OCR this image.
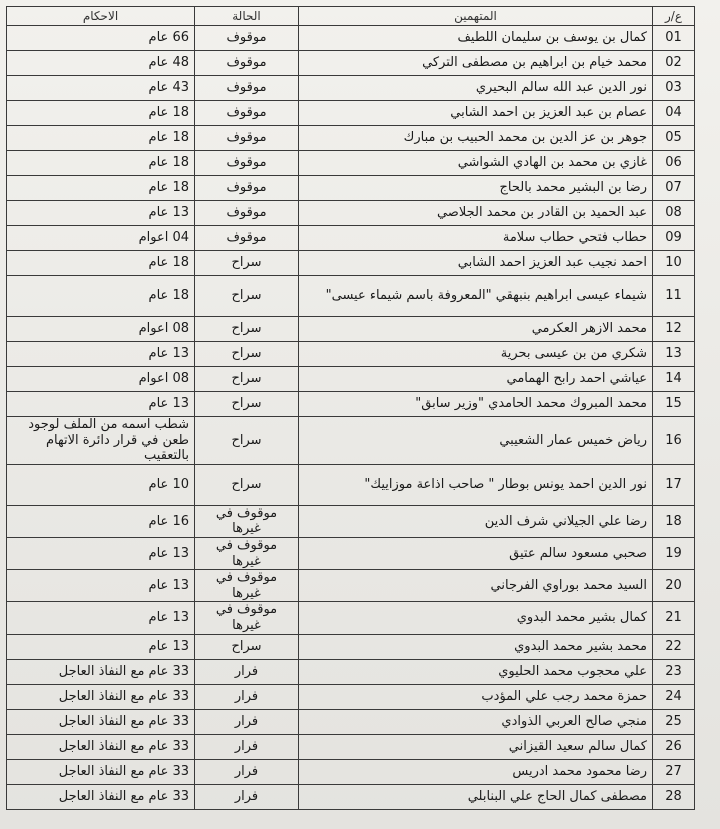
ع/ر	المتهمين	الحالة	الاحكام
01	كمال بن يوسف بن سليمان اللطيف	موقوف	66 عام
02	محمد خيام بن ابراهيم بن مصطفى التركي	موقوف	48 عام
03	نور الدين عبد الله سالم البحيري	موقوف	43 عام
04	عصام بن عبد العزيز بن احمد الشابي	موقوف	18 عام
05	جوهر بن عز الدين بن محمد الحبيب بن مبارك	موقوف	18 عام
06	غازي بن محمد بن الهادي الشواشي	موقوف	18 عام
07	رضا بن البشير محمد بالحاج	موقوف	18 عام
08	عبد الحميد بن القادر بن محمد الجلاصي	موقوف	13 عام
09	حطاب فتحي حطاب سلامة	موقوف	04 اعوام
10	احمد نجيب عبد العزيز احمد الشابي	سراح	18 عام
11	شيماء عيسى ابراهيم بنبهقي "المعروفة باسم شيماء عيسى"	سراح	18 عام
12	محمد الازهر العكرمي	سراح	08 اعوام
13	شكري من بن عيسى بحرية	سراح	13 عام
14	عياشي احمد رابح الهمامي	سراح	08 اعوام
15	محمد المبروك محمد الحامدي "وزير سابق"	سراح	13 عام
16	رياض خميس عمار الشعيبي	سراح	شطب اسمه من الملف لوجود طعن في قرار دائرة الاتهام بالتعقيب
17	نور الدين احمد يونس بوطار " صاحب اذاعة موزاييك"	سراح	10 عام
18	رضا علي الجيلاني شرف الدين	موقوف في غيرها	16 عام
19	صحبي مسعود سالم عتيق	موقوف في غيرها	13 عام
20	السيد محمد بوراوي الفرجاني	موقوف في غيرها	13 عام
21	كمال بشير محمد البدوي	موقوف في غيرها	13 عام
22	محمد بشير محمد البدوي	سراح	13 عام
23	علي محجوب محمد الحليوي	فرار	33 عام مع النفاذ العاجل
24	حمزة محمد رجب علي المؤدب	فرار	33 عام مع النفاذ العاجل
25	منجي صالح العربي الذوادي	فرار	33 عام مع النفاذ العاجل
26	كمال سالم سعيد القيزاني	فرار	33 عام مع النفاذ العاجل
27	رضا محمود محمد ادريس	فرار	33 عام مع النفاذ العاجل
28	مصطفى كمال الحاج علي البنابلي	فرار	33 عام مع النفاذ العاجل
